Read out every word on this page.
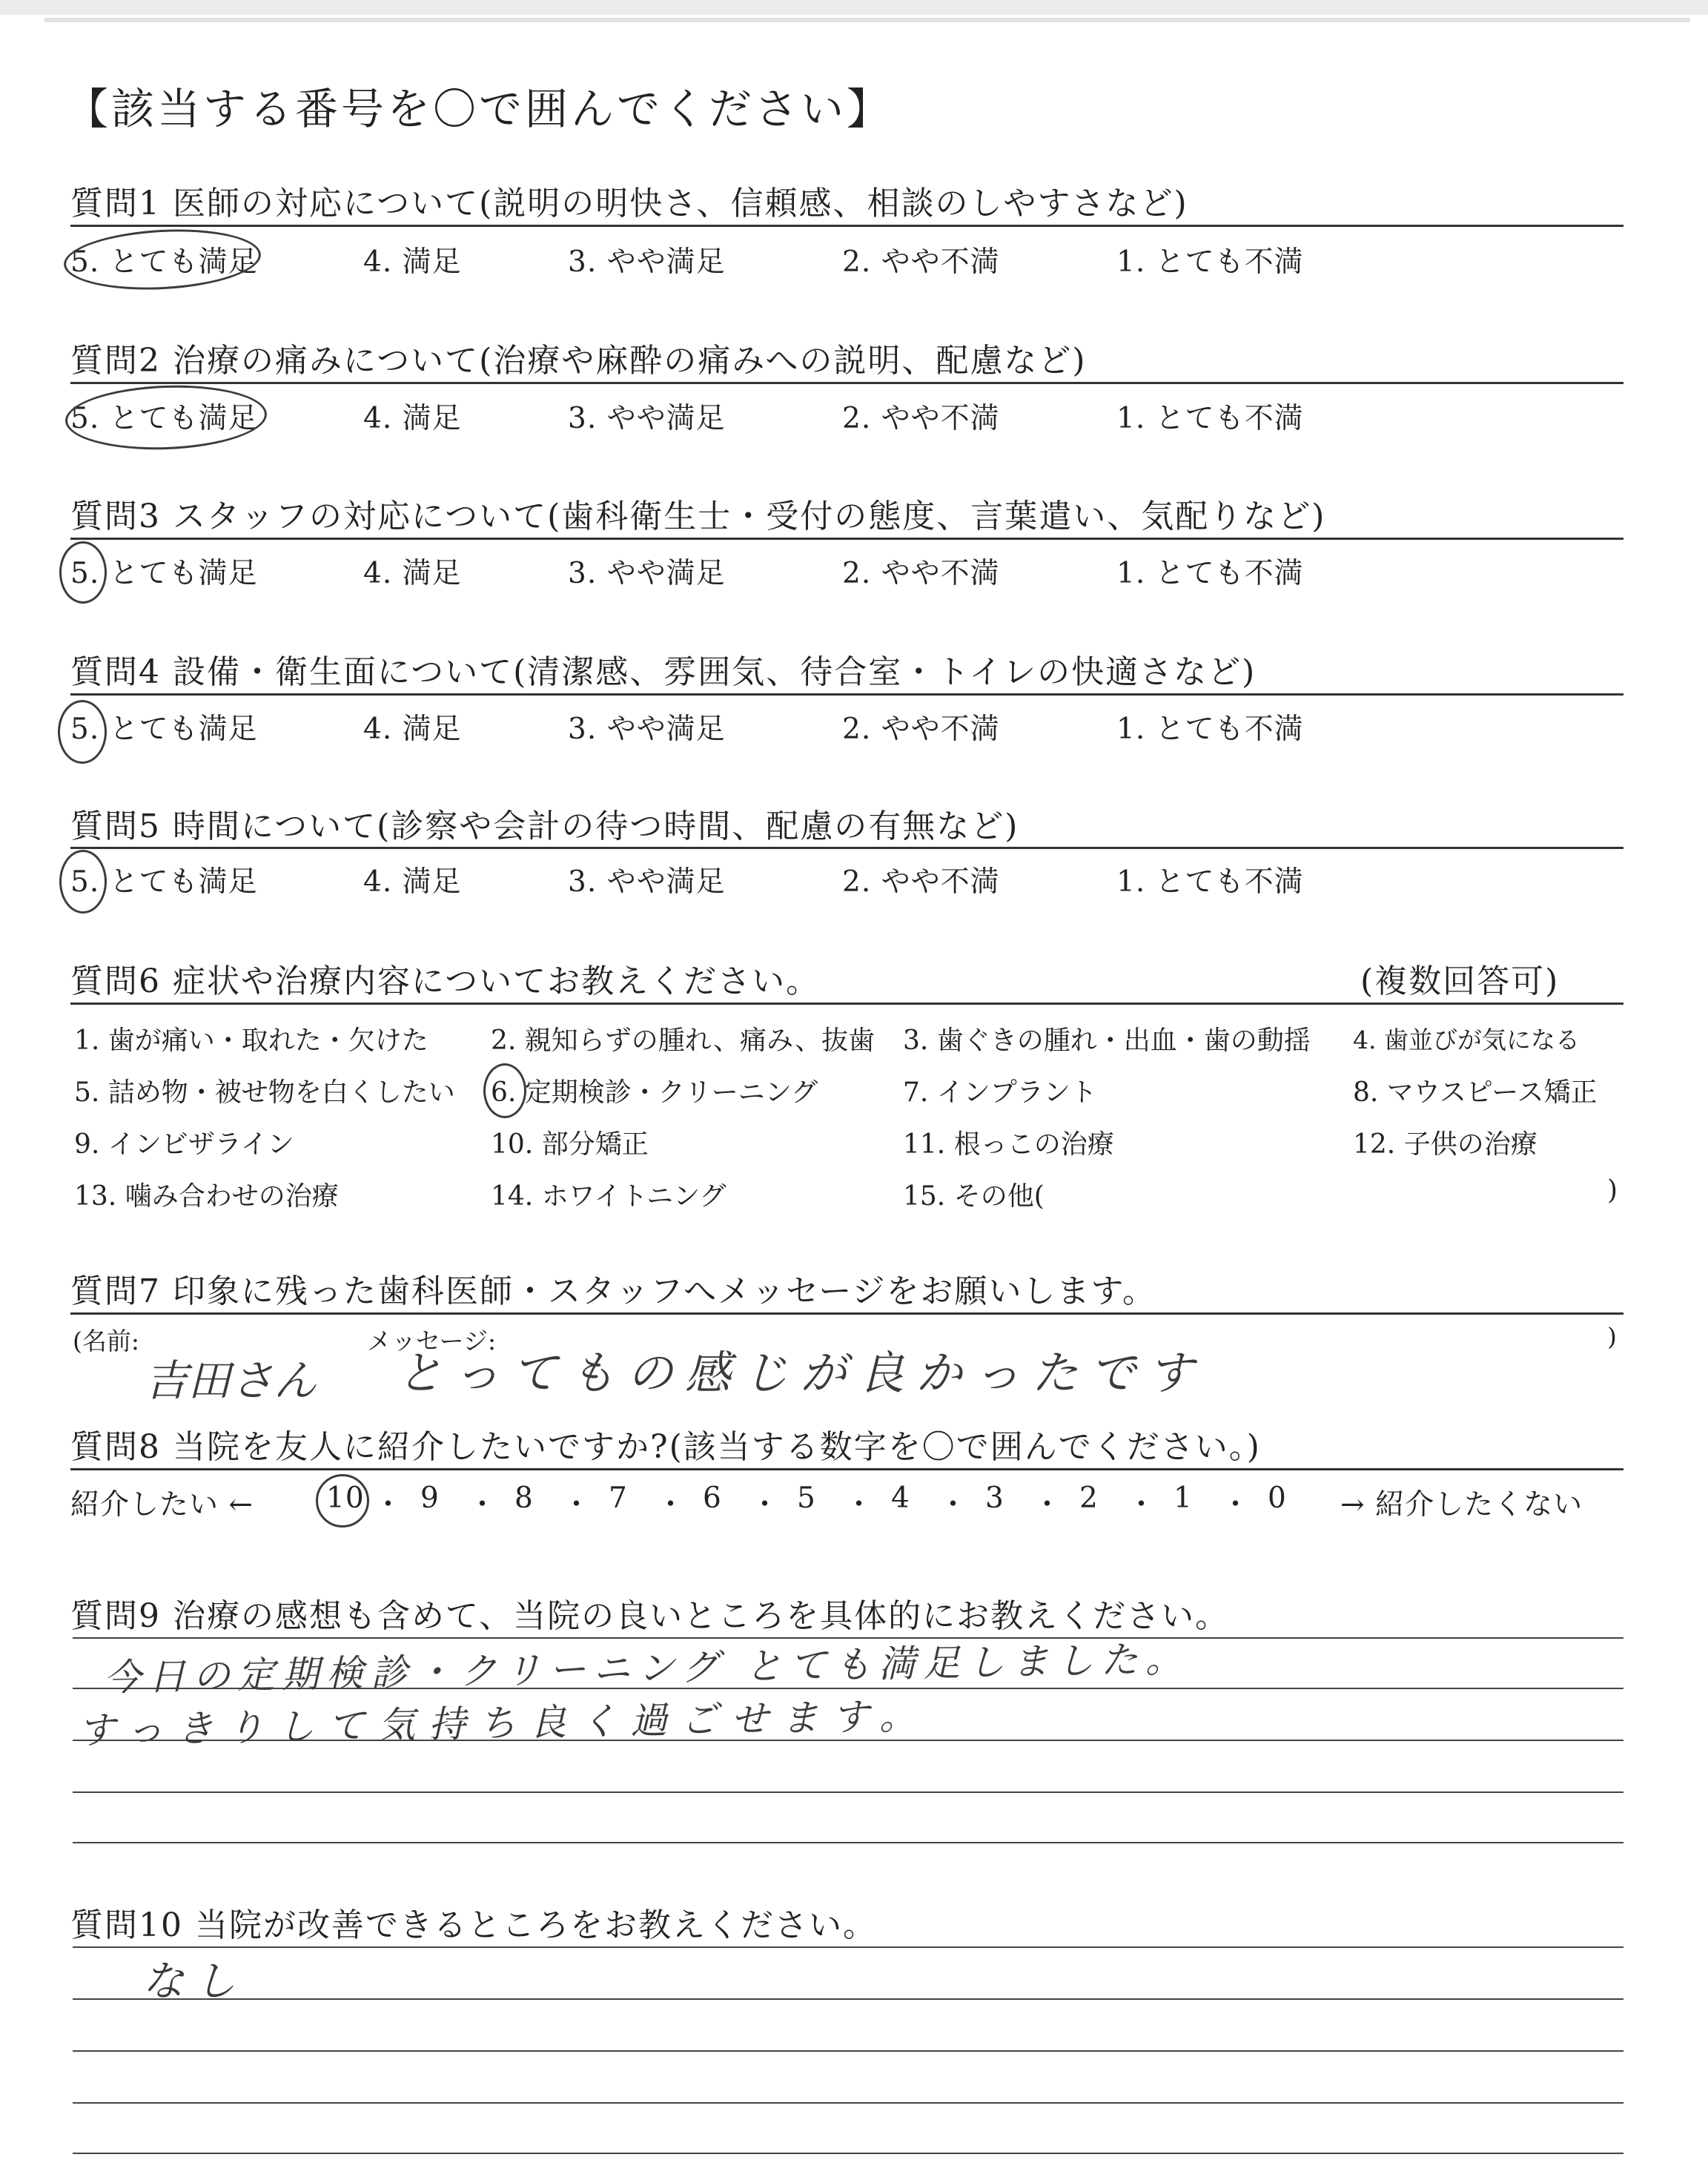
【該当する番号を〇で囲んでください】
質問1 医師の対応について(説明の明快さ、信頼感、相談のしやすさなど)
5. とても満足	4. 満足	3. やや満足	2. やや不満	1. とても不満
質問2 治療の痛みについて(治療や麻酔の痛みへの説明、配慮など)
5. とても満足	4. 満足	3. やや満足	2. やや不満	1. とても不満
質問3 スタッフの対応について(歯科衛生士・受付の態度、言葉遣い、気配りなど)
5. とても満足	4. 満足	3. やや満足	2. やや不満	1. とても不満
質問4 設備・衛生面について(清潔感、雰囲気、待合室・トイレの快適さなど)
5. とても満足	4. 満足	3. やや満足	2. やや不満	1. とても不満
質問5 時間について(診察や会計の待つ時間、配慮の有無など)
5. とても満足	4. 満足	3. やや満足	2. やや不満	1. とても不満
質問6 症状や治療内容についてお教えください。	(複数回答可)
1. 歯が痛い・取れた・欠けた 2. 親知らずの腫れ、痛み、抜歯 3. 歯ぐきの腫れ・出血・歯の動揺 4. 歯並びが気になる
5. 詰め物・被せ物を白くしたい 6. 定期検診・クリーニング	7. インプラント	8. マウスピース矯正
9. インビザライン	10. 部分矯正	11. 根っこの治療	12. 子供の治療
13. 噛み合わせの治療	14. ホワイトニング	15. その他(	)
質問7 印象に残った歯科医師・スタッフへメッセージをお願いします。
(名前:	メッセージ:	)
吉田さん とってもの感じが良かったです
質問8 当院を友人に紹介したいですか?(該当する数字を〇で囲んでください。)
紹介したい ←	10 ・ 9 ・ 8 ・ 7 ・ 6 ・ 5 ・ 4 ・ 3 ・ 2 ・ 1 ・ 0 → 紹介したくない
質問9 治療の感想も含めて、当院の良いところを具体的にお教えください。
今日の定期検診・クリーニング とても満足しました。
すっきりして気持ち良く過ごせます。
質問10 当院が改善できるところをお教えください。
なし
